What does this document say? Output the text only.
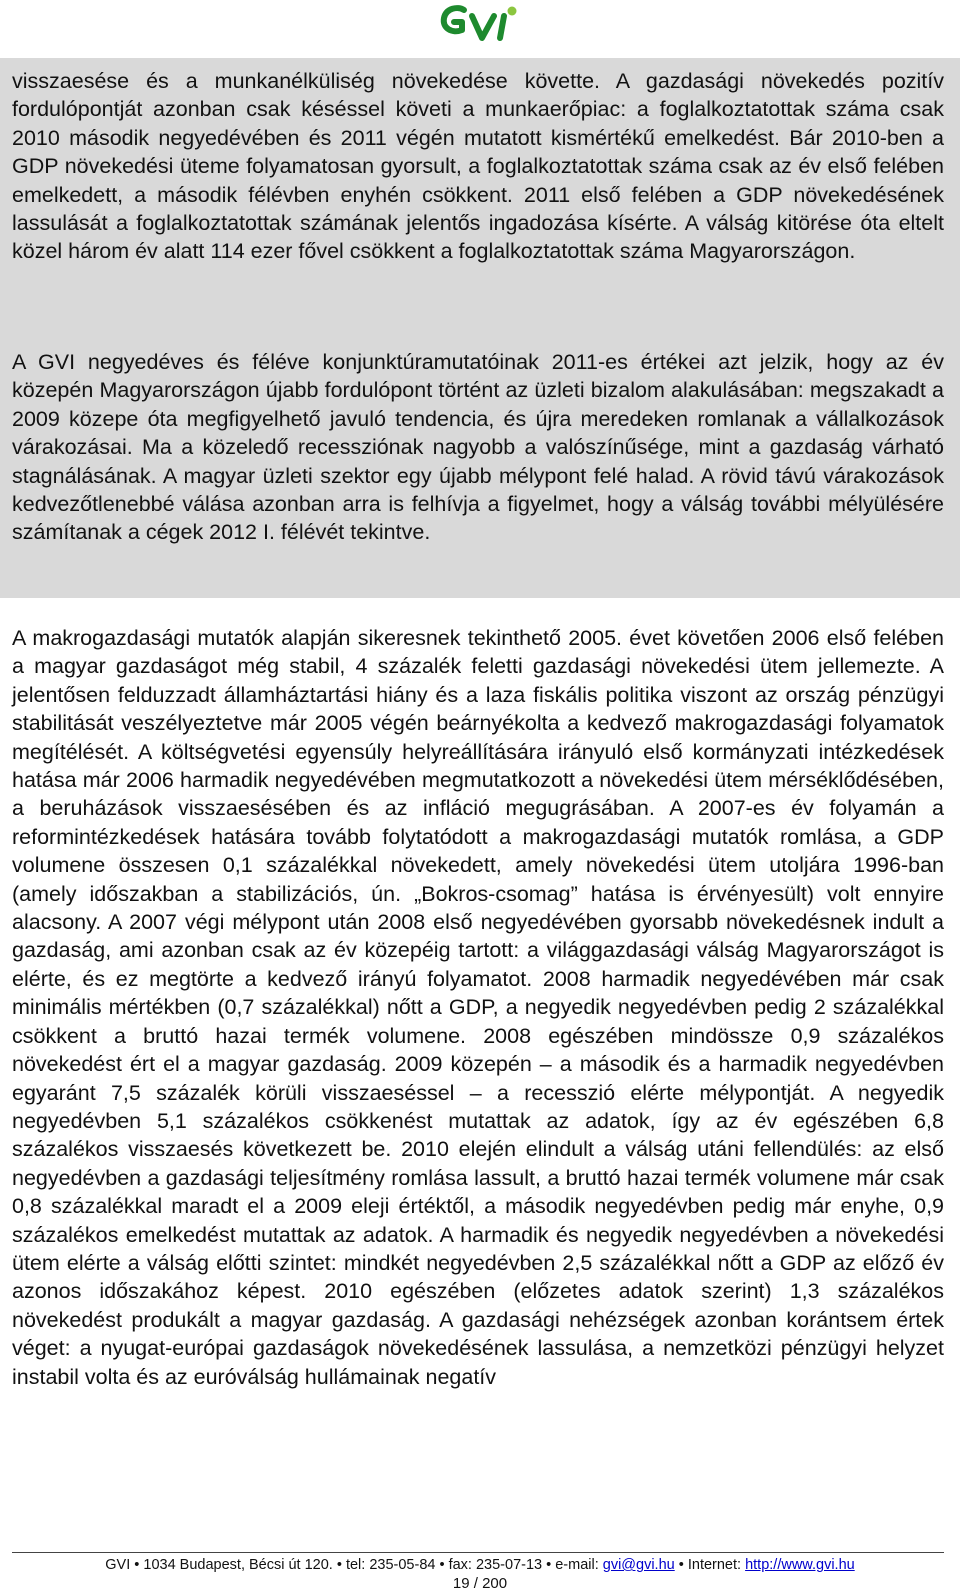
visszaesése és a munkanélküliség növekedése követte. A gazdasági növekedés pozitív fordulópontját azonban csak késéssel követi a munkaerőpiac: a foglalkoztatottak száma csak 2010 második negyedévében és 2011 végén mutatott kismértékű emelkedést. Bár 2010-ben a GDP növekedési üteme folyamatosan gyorsult, a foglalkoztatottak száma csak az év első felében emelkedett, a második félévben enyhén csökkent. 2011 első felében a GDP növekedésének lassulását a foglalkoztatottak számának jelentős ingadozása kísérte. A válság kitörése óta eltelt közel három év alatt 114 ezer fővel csökkent a foglalkoztatottak száma Magyarországon.

A GVI negyedéves és féléve konjunktúramutatóinak 2011-es értékei azt jelzik, hogy az év közepén Magyarországon újabb fordulópont történt az üzleti bizalom alakulásában: megszakadt a 2009 közepe óta megfigyelhető javuló tendencia, és újra meredeken romlanak a vállalkozások várakozásai. Ma a közeledő recessziónak nagyobb a valószínűsége, mint a gazdaság várható stagnálásának. A magyar üzleti szektor egy újabb mélypont felé halad. A rövid távú várakozások kedvezőtlenebbé válása azonban arra is felhívja a figyelmet, hogy a válság további mélyülésére számítanak a cégek 2012 I. félévét tekintve.

A makrogazdasági mutatók alapján sikeresnek tekinthető 2005. évet követően 2006 első felében a magyar gazdaságot még stabil, 4 százalék feletti gazdasági növekedési ütem jellemezte. A jelentősen felduzzadt államháztartási hiány és a laza fiskális politika viszont az ország pénzügyi stabilitását veszélyeztetve már 2005 végén beárnyékolta a kedvező makrogazdasági folyamatok megítélését. A költségvetési egyensúly helyreállítására irányuló első kormányzati intézkedések hatása már 2006 harmadik negyedévében megmutatkozott a növekedési ütem mérséklődésében, a beruházások visszaesésében és az infláció megugrásában. A 2007-es év folyamán a reformintézkedések hatására tovább folytatódott a makrogazdasági mutatók romlása, a GDP volumene összesen 0,1 százalékkal növekedett, amely növekedési ütem utoljára 1996-ban (amely időszakban a stabilizációs, ún. „Bokros-csomag” hatása is érvényesült) volt ennyire alacsony. A 2007 végi mélypont után 2008 első negyedévében gyorsabb növekedésnek indult a gazdaság, ami azonban csak az év közepéig tartott: a világgazdasági válság Magyarországot is elérte, és ez megtörte a kedvező irányú folyamatot. 2008 harmadik negyedévében már csak minimális mértékben (0,7 százalékkal) nőtt a GDP, a negyedik negyedévben pedig 2 százalékkal csökkent a bruttó hazai termék volumene. 2008 egészében mindössze 0,9 százalékos növekedést ért el a magyar gazdaság. 2009 közepén – a második és a harmadik negyedévben egyaránt 7,5 százalék körüli visszaeséssel – a recesszió elérte mélypontját. A negyedik negyedévben 5,1 százalékos csökkenést mutattak az adatok, így az év egészében 6,8 százalékos visszaesés következett be. 2010 elején elindult a válság utáni fellendülés: az első negyedévben a gazdasági teljesítmény romlása lassult, a bruttó hazai termék volumene már csak 0,8 százalékkal maradt el a 2009 eleji értéktől, a második negyedévben pedig már enyhe, 0,9 százalékos emelkedést mutattak az adatok. A harmadik és negyedik negyedévben a növekedési ütem elérte a válság előtti szintet: mindkét negyedévben 2,5 százalékkal nőtt a GDP az előző év azonos időszakához képest. 2010 egészében (előzetes adatok szerint) 1,3 százalékos növekedést produkált a magyar gazdaság. A gazdasági nehézségek azonban korántsem értek véget: a nyugat-európai gazdaságok növekedésének lassulása, a nemzetközi pénzügyi helyzet instabil volta és az euróválság hullámainak negatív

GVI • 1034 Budapest, Bécsi út 120. • tel: 235-05-84 • fax: 235-07-13 • e-mail: gvi@gvi.hu • Internet: http://www.gvi.hu
19 / 200
